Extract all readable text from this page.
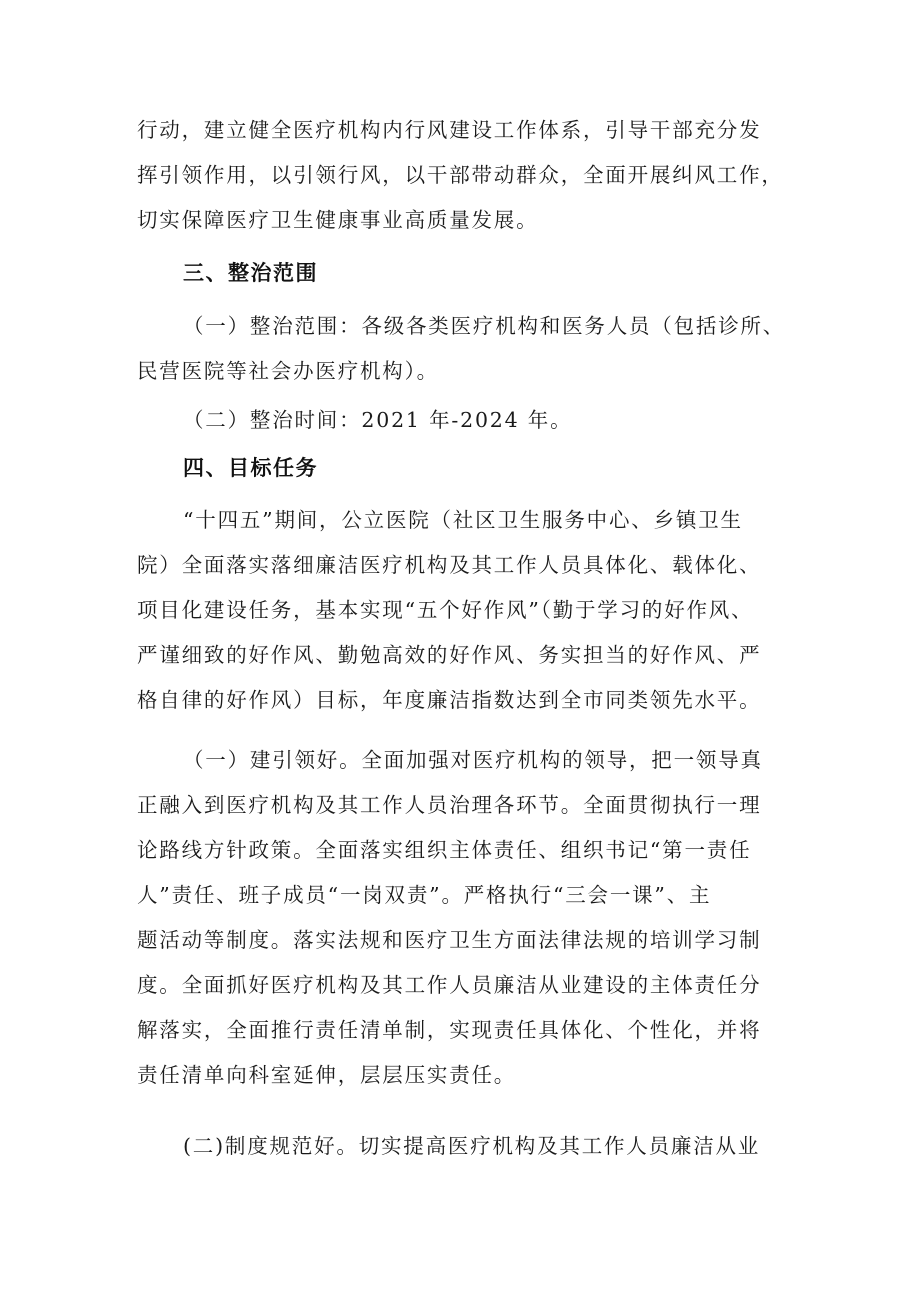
行动，建立健全医疗机构内行风建设工作体系，引导干部充分发
挥引领作用，以引领行风，以干部带动群众，全面开展纠风工作，
切实保障医疗卫生健康事业高质量发展。
三、整治范围
（一）整治范围：各级各类医疗机构和医务人员（包括诊所、
民营医院等社会办医疗机构）。
（二）整治时间：2021 年-2024 年。
四、目标任务
“十四五”期间，公立医院（社区卫生服务中心、乡镇卫生
院）全面落实落细廉洁医疗机构及其工作人员具体化、载体化、
项目化建设任务，基本实现“五个好作风”（勤于学习的好作风、
严谨细致的好作风、勤勉高效的好作风、务实担当的好作风、严
格自律的好作风）目标，年度廉洁指数达到全市同类领先水平。
（一）建引领好。全面加强对医疗机构的领导，把一领导真
正融入到医疗机构及其工作人员治理各环节。全面贯彻执行一理
论路线方针政策。全面落实组织主体责任、组织书记“第一责任
人”责任、班子成员“一岗双责”。严格执行“三会一课”、主
题活动等制度。落实法规和医疗卫生方面法律法规的培训学习制
度。全面抓好医疗机构及其工作人员廉洁从业建设的主体责任分
解落实，全面推行责任清单制，实现责任具体化、个性化，并将
责任清单向科室延伸，层层压实责任。
(二)制度规范好。切实提高医疗机构及其工作人员廉洁从业
